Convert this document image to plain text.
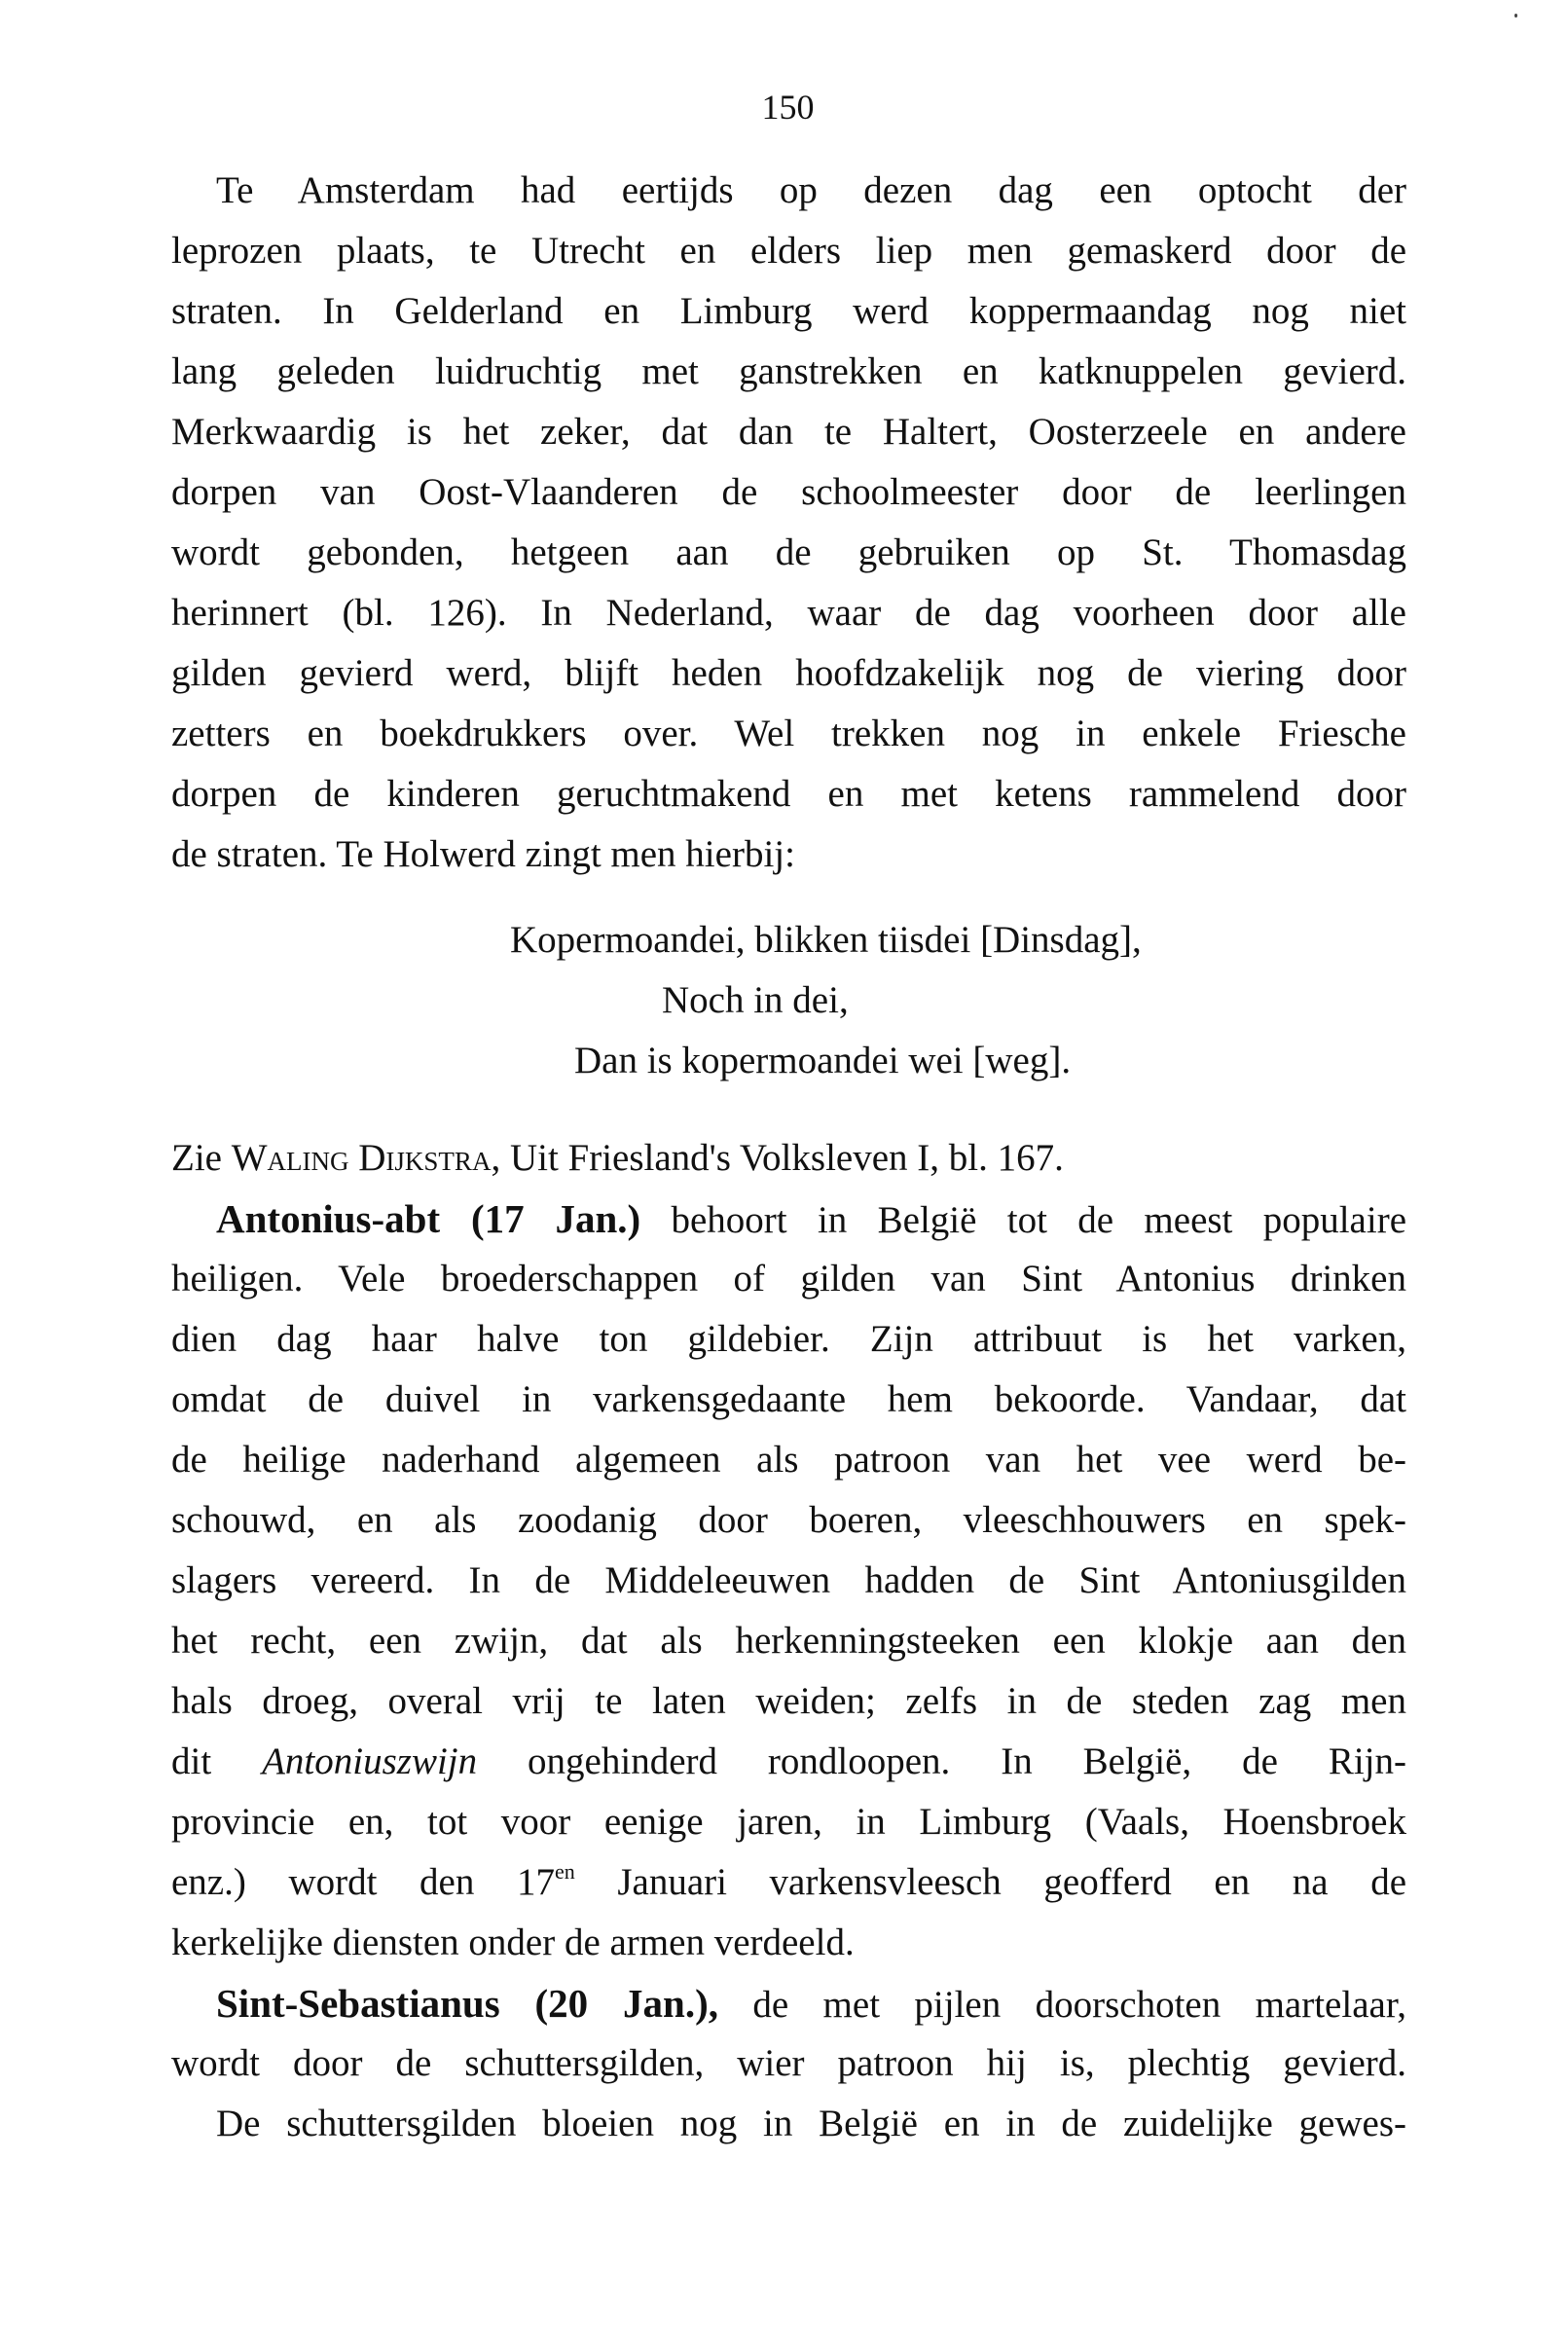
150
Te Amsterdam had eertijds op dezen dag een optocht der
leprozen plaats, te Utrecht en elders liep men gemaskerd door de
straten. In Gelderland en Limburg werd koppermaandag nog niet
lang geleden luidruchtig met ganstrekken en katknuppelen gevierd.
Merkwaardig is het zeker, dat dan te Haltert, Oosterzeele en andere
dorpen van Oost-Vlaanderen de schoolmeester door de leerlingen
wordt gebonden, hetgeen aan de gebruiken op St. Thomasdag
herinnert (bl. 126). In Nederland, waar de dag voorheen door alle
gilden gevierd werd, blijft heden hoofdzakelijk nog de viering door
zetters en boekdrukkers over. Wel trekken nog in enkele Friesche
dorpen de kinderen geruchtmakend en met ketens rammelend door
de straten. Te Holwerd zingt men hierbij:
Kopermoandei, blikken tiisdei [Dinsdag],
Noch in dei,
Dan is kopermoandei wei [weg].
Zie Waling Dijkstra, Uit Friesland's Volksleven I, bl. 167.
Antonius-abt (17 Jan.) behoort in België tot de meest populaire
heiligen. Vele broederschappen of gilden van Sint Antonius drinken
dien dag haar halve ton gildebier. Zijn attribuut is het varken,
omdat de duivel in varkensgedaante hem bekoorde. Vandaar, dat
de heilige naderhand algemeen als patroon van het vee werd be-
schouwd, en als zoodanig door boeren, vleeschhouwers en spek-
slagers vereerd. In de Middeleeuwen hadden de Sint Antoniusgilden
het recht, een zwijn, dat als herkenningsteeken een klokje aan den
hals droeg, overal vrij te laten weiden; zelfs in de steden zag men
dit Antoniuszwijn ongehinderd rondloopen. In België, de Rijn-
provincie en, tot voor eenige jaren, in Limburg (Vaals, Hoensbroek
enz.) wordt den $17^{en}$ Januari varkensvleesch geofferd en na de
kerkelijke diensten onder de armen verdeeld.
Sint-Sebastianus (20 Jan.), de met pijlen doorschoten martelaar,
wordt door de schuttersgilden, wier patroon hij is, plechtig gevierd.
De schuttersgilden bloeien nog in België en in de zuidelijke gewes-
